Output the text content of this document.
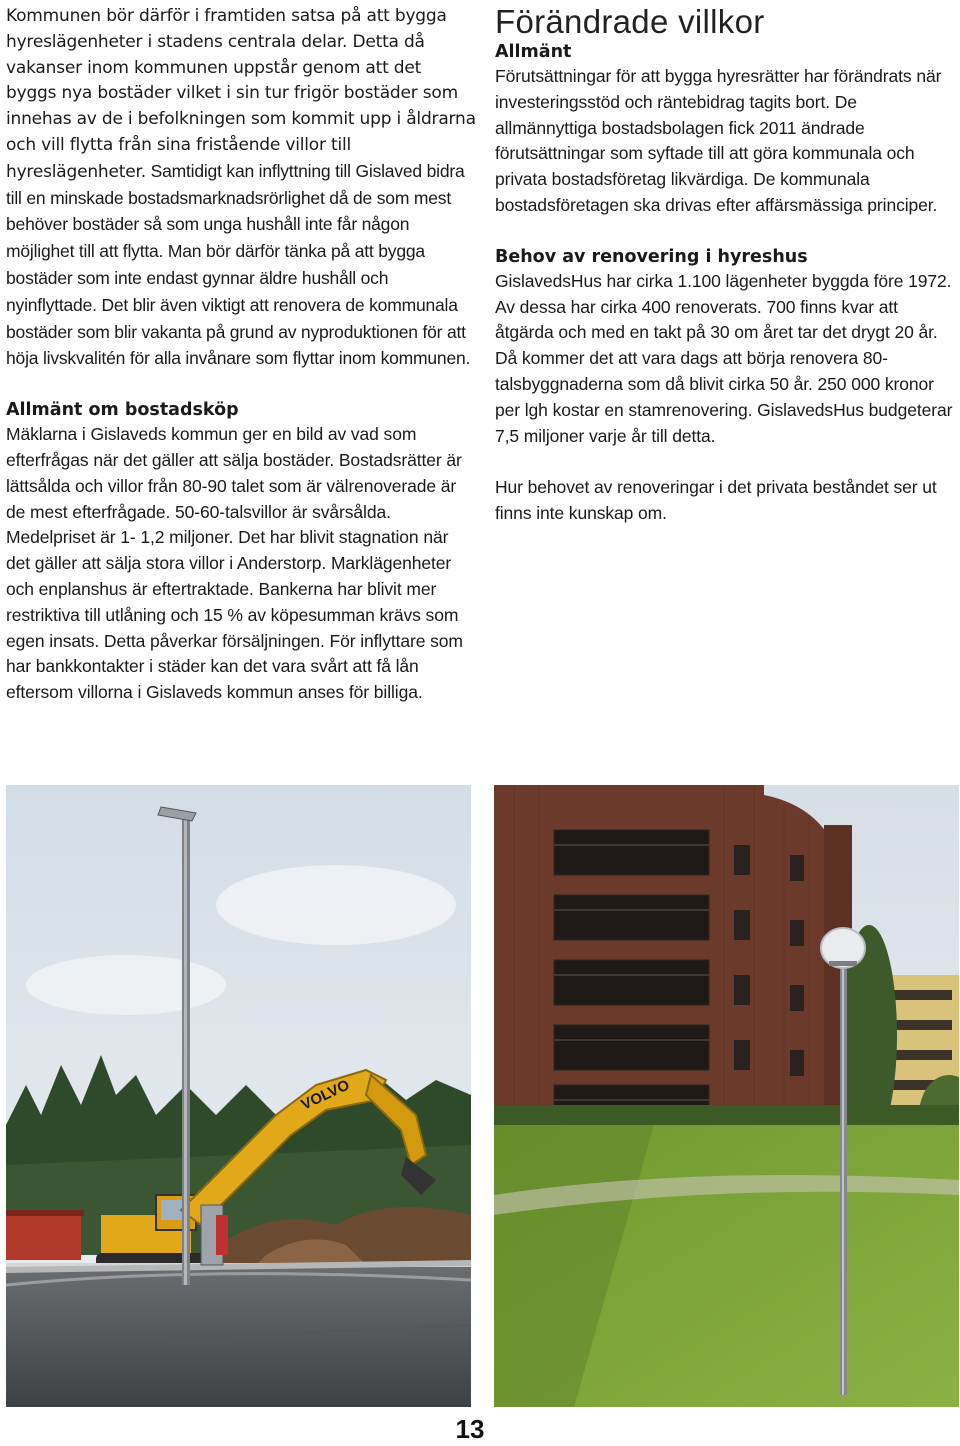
Kommunen bör därför i framtiden satsa på att bygga hyreslägenheter i stadens centrala delar. Detta då vakanser inom kommunen uppstår genom att det byggs nya bostäder vilket i sin tur frigör bostäder som innehas av de i befolkningen som kommit upp i åldrarna och vill flytta från sina fristående villor till hyreslägenheter. Samtidigt kan inflyttning till Gislaved bidra till en minskade bostadsmarknadsrörlighet då de som mest behöver bostäder så som unga hushåll inte får någon möjlighet till att flytta. Man bör därför tänka på att bygga bostäder som inte endast gynnar äldre hushåll och nyinflyttade. Det blir även viktigt att renovera de kommunala bostäder som blir vakanta på grund av nyproduktionen för att höja livskvalitén för alla invånare som flyttar inom kommunen.

Allmänt om bostadsköp

Mäklarna i Gislaveds kommun ger en bild av vad som efterfrågas när det gäller att sälja bostäder. Bostadsrätter är lättsålda och villor från 80-90 talet som är välrenoverade är de mest efterfrågade. 50-60-talsvillor är svårsålda. Medelpriset är 1- 1,2 miljoner. Det har blivit stagnation när det gäller att sälja stora villor i Anderstorp. Marklägenheter och enplanshus är eftertraktade. Bankerna har blivit mer restriktiva till utlåning och 15 % av köpesumman krävs som egen insats. Detta påverkar försäljningen. För inflyttare som har bankkontakter i städer kan det vara svårt att få lån eftersom villorna i Gislaveds kommun anses för billiga.

Förändrade villkor
Allmänt

Förutsättningar för att bygga hyresrätter har förändrats när investeringsstöd och räntebidrag tagits bort. De allmännyttiga bostadsbolagen fick 2011 ändrade förutsättningar som syftade till att göra kommunala och privata bostadsföretag likvärdiga. De kommunala bostadsföretagen ska drivas efter affärsmässiga principer.

Behov av renovering i hyreshus

GislavedsHus har cirka 1.100 lägenheter byggda före 1972. Av dessa har cirka 400 renoverats. 700 finns kvar att åtgärda och med en takt på 30 om året tar det drygt 20 år. Då kommer det att vara dags att börja renovera 80-talsbyggnaderna som då blivit cirka 50 år. 250 000 kronor per lgh kostar en stamrenovering. GislavedsHus budgeterar 7,5 miljoner varje år till detta.

Hur behovet av renoveringar i det privata beståndet ser ut finns inte kunskap om.

VOLVO
13
